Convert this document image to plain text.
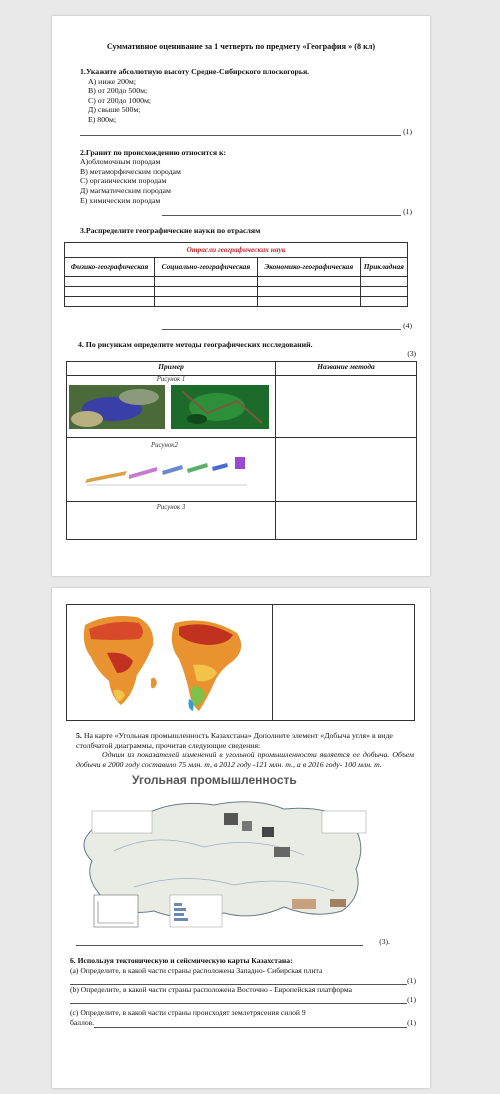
Суммативное оценивание за 1 четверть по предмету «География » (8 кл)
1.Укажите абсолютную высоту Средне-Сибирского плоскогорья.
A) ниже 200м;
B) от 200до 500м;
C) от 200до 1000м;
Д) свыше 500м;
E) 800м;
(1)
2.Гранит по происхождению относится к:
A)обломочным породам
B) метаморфическим породам
C) органическим породам
Д) магматическим породам
E) химическим породам
(1)
3.Распределите географические науки по отраслям
Отрасли географических наук			
Физико-географическая	Социально-географическая	Экономико-географическая	Прикладная

(4)
4. По рисункам определите методы географических исследований.
(3)
Пример	Название метода

Рисунок 1	

Рисунок2	

Рисунок 3	

5. На карте «Угольная промышленность Казахстана» Дополните элемент «Добыча угля» в виде столбчатой диаграммы, прочитав следующие сведения:
Одним из показателей изменений в угольной промышленности является ее добыча. Объем добычи в 2000 году составило 75 млн. т, в 2012 году -121 млн. т., а в 2016 году- 100 млн. т.
Угольная промышленность
(3).
6. Используя тектоническую и сейсмическую карты Казахстана:
(а) Определите, в какой части страны расположена Западно- Сибирская плита
(1)
(b) Определите, в какой части страны расположена Восточно - Европейская платформа
(1)
(с) Определите, в какой части страны происходят землетрясения силой 9
баллов.	(1)
